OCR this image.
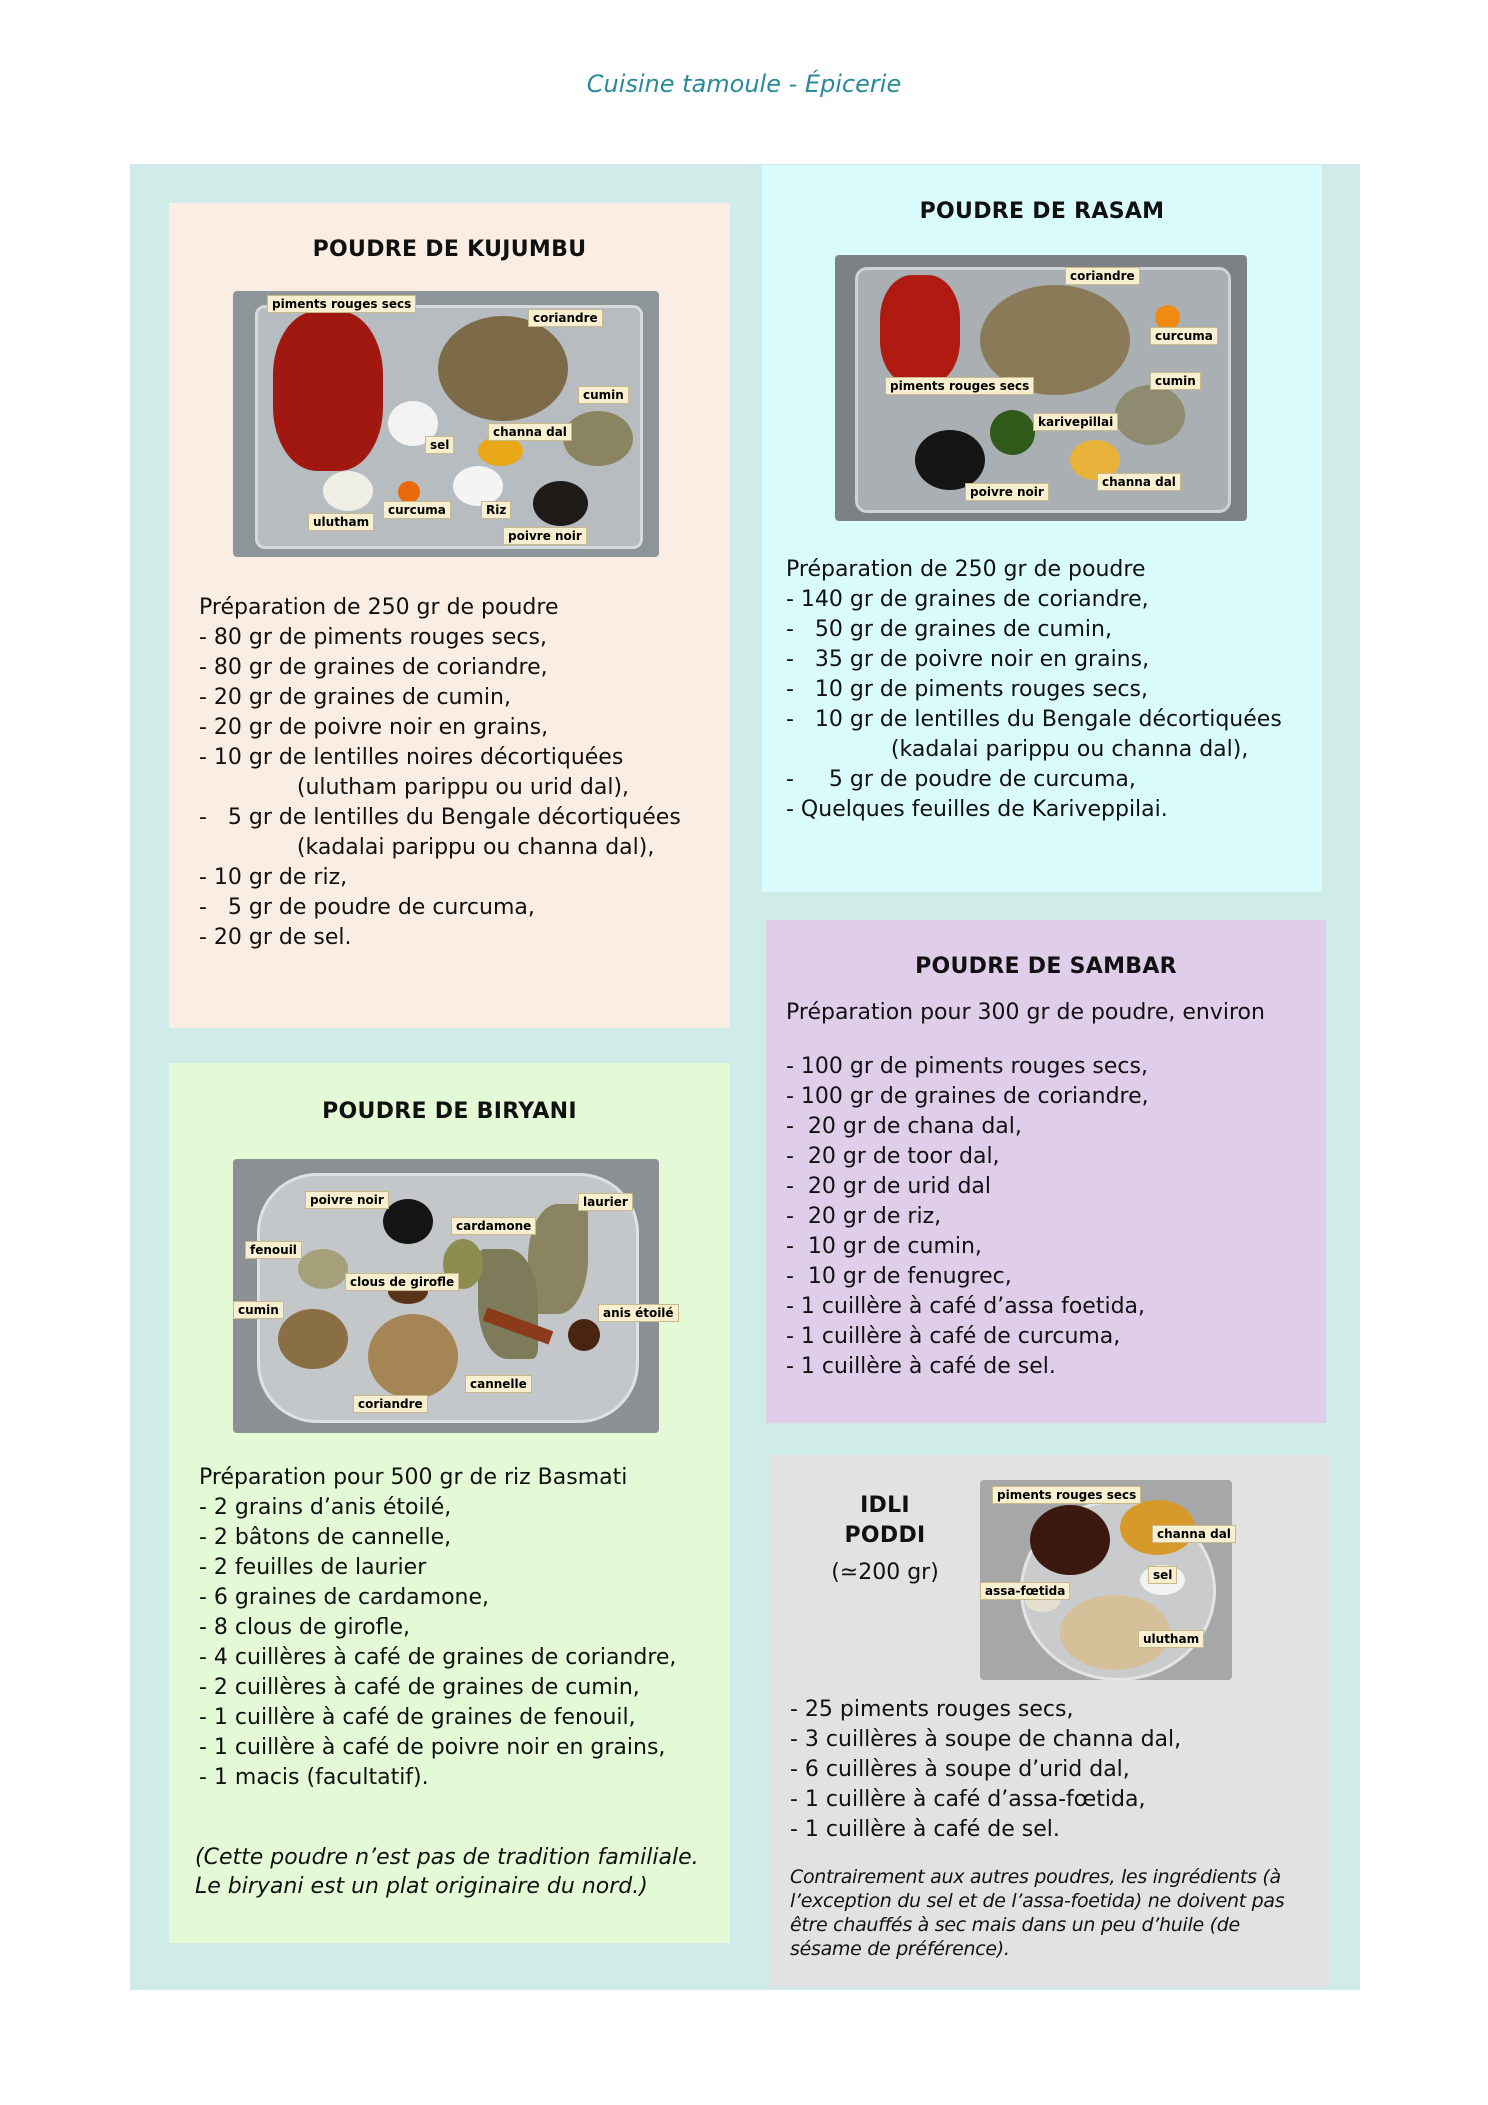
Cuisine tamoule - Épicerie
POUDRE DE KUJUMBU
piments rouges secs
coriandre
cumin
sel
channa dal
ulutham
curcuma	Riz
poivre noir
Préparation de 250 gr de poudre
- 80 gr de piments rouges secs,
- 80 gr de graines de coriandre,
- 20 gr de graines de cumin,
- 20 gr de poivre noir en grains,
- 10 gr de lentilles noires décortiquées
(ulutham parippu ou urid dal),
-   5 gr de lentilles du Bengale décortiquées
(kadalai parippu ou channa dal),
- 10 gr de riz,
-   5 gr de poudre de curcuma,
- 20 gr de sel.
POUDRE DE RASAM
coriandre
curcuma
piments rouges secs	cumin
karivepillai
poivre noir
channa dal
Préparation de 250 gr de poudre
- 140 gr de graines de coriandre,
-   50 gr de graines de cumin,
-   35 gr de poivre noir en grains,
-   10 gr de piments rouges secs,
-   10 gr de lentilles du Bengale décortiquées
(kadalai parippu ou channa dal),
-     5 gr de poudre de curcuma,
- Quelques feuilles de Kariveppilai.
POUDRE DE SAMBAR
Préparation pour 300 gr de poudre, environ
- 100 gr de piments rouges secs,
- 100 gr de graines de coriandre,
-  20 gr de chana dal,
-  20 gr de toor dal,
-  20 gr de urid dal
-  20 gr de riz,
-  10 gr de cumin,
-  10 gr de fenugrec,
- 1 cuillère à café d’assa foetida,
- 1 cuillère à café de curcuma,
- 1 cuillère à café de sel.
POUDRE DE BIRYANI
poivre noir	laurier
cardamone
fenouil
clous de girofle
cumin	anis étoilé
cannelle
coriandre
Préparation pour 500 gr de riz Basmati
- 2 grains d’anis étoilé,
- 2 bâtons de cannelle,
- 2 feuilles de laurier
- 6 graines de cardamone,
- 8 clous de girofle,
- 4 cuillères à café de graines de coriandre,
- 2 cuillères à café de graines de cumin,
- 1 cuillère à café de graines de fenouil,
- 1 cuillère à café de poivre noir en grains,
- 1 macis (facultatif).
(Cette poudre n’est pas de tradition familiale.
Le biryani est un plat originaire du nord.)
IDLI
PODDI
(≃200 gr)
piments rouges secs
channa dal
sel
assa-fœtida
ulutham
- 25 piments rouges secs,
- 3 cuillères à soupe de channa dal,
- 6 cuillères à soupe d’urid dal,
- 1 cuillère à café d’assa-fœtida,
- 1 cuillère à café de sel.
Contrairement aux autres poudres, les ingrédients (à
l’exception du sel et de l’assa-foetida) ne doivent pas
être chauffés à sec mais dans un peu d’huile (de
sésame de préférence).
